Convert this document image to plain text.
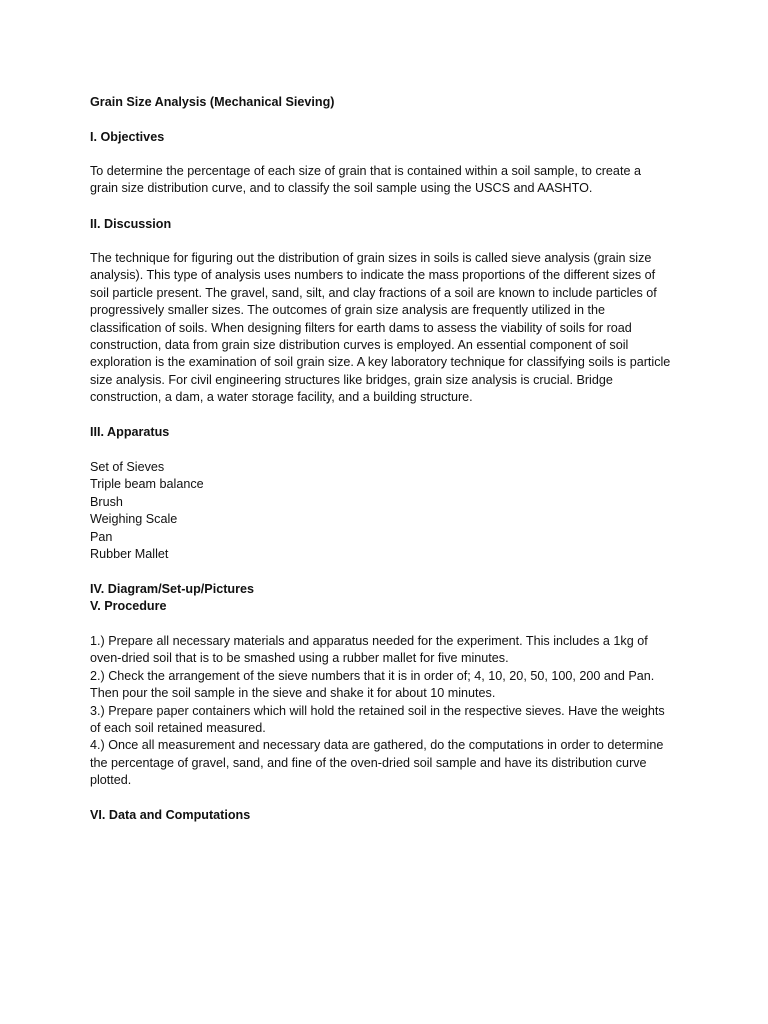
Grain Size Analysis (Mechanical Sieving)

I. Objectives

To determine the percentage of each size of grain that is contained within a soil sample, to create a
grain size distribution curve, and to classify the soil sample using the USCS and AASHTO.

II. Discussion

The technique for figuring out the distribution of grain sizes in soils is called sieve analysis (grain size
analysis). This type of analysis uses numbers to indicate the mass proportions of the different sizes of
soil particle present. The gravel, sand, silt, and clay fractions of a soil are known to include particles of
progressively smaller sizes. The outcomes of grain size analysis are frequently utilized in the
classification of soils. When designing filters for earth dams to assess the viability of soils for road
construction, data from grain size distribution curves is employed. An essential component of soil
exploration is the examination of soil grain size. A key laboratory technique for classifying soils is particle
size analysis. For civil engineering structures like bridges, grain size analysis is crucial. Bridge
construction, a dam, a water storage facility, and a building structure.

III. Apparatus

Set of Sieves
Triple beam balance
Brush
Weighing Scale
Pan
Rubber Mallet

IV. Diagram/Set-up/Pictures

V. Procedure

1.) Prepare all necessary materials and apparatus needed for the experiment. This includes a 1kg of
oven-dried soil that is to be smashed using a rubber mallet for five minutes.
2.) Check the arrangement of the sieve numbers that it is in order of; 4, 10, 20, 50, 100, 200 and Pan.
Then pour the soil sample in the sieve and shake it for about 10 minutes.
3.) Prepare paper containers which will hold the retained soil in the respective sieves. Have the weights
of each soil retained measured.
4.) Once all measurement and necessary data are gathered, do the computations in order to determine
the percentage of gravel, sand, and fine of the oven-dried soil sample and have its distribution curve
plotted.

VI. Data and Computations
